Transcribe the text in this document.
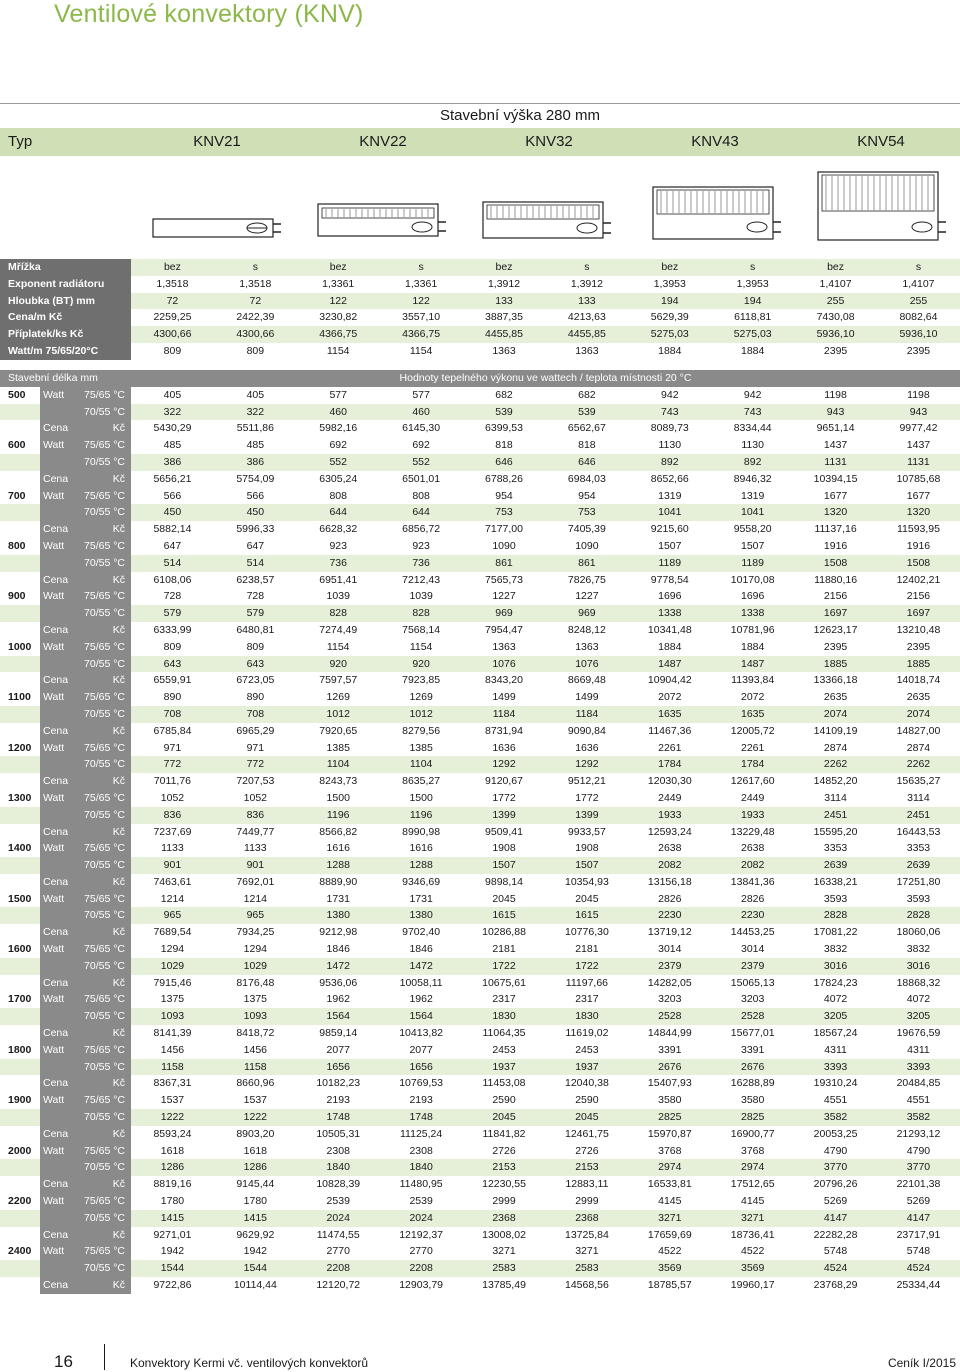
Ventilové konvektory (KNV)
Stavební výška 280 mm
Typ	KNV21	KNV22	KNV32	KNV43	KNV54
Mřížka	bez	s	bez	s	bez	s	bez	s	bez	s
Exponent radiátoru	1,3518	1,3518	1,3361	1,3361	1,3912	1,3912	1,3953	1,3953	1,4107	1,4107
Hloubka (BT) mm	72	72	122	122	133	133	194	194	255	255
Cena/m Kč	2259,25	2422,39	3230,82	3557,10	3887,35	4213,63	5629,39	6118,81	7430,08	8082,64
Příplatek/ks Kč	4300,66	4300,66	4366,75	4366,75	4455,85	4455,85	5275,03	5275,03	5936,10	5936,10
Watt/m 75/65/20°C	809	809	1154	1154	1363	1363	1884	1884	2395	2395
Stavební délka mm	Hodnoty tepelného výkonu ve wattech / teplota místnosti 20 °C
500	Watt	75/65 °C	405	405	577	577	682	682	942	942	1198	1198
70/55 °C	322	322	460	460	539	539	743	743	943	943
Cena	Kč	5430,29	5511,86	5982,16	6145,30	6399,53	6562,67	8089,73	8334,44	9651,14	9977,42
600	Watt	75/65 °C	485	485	692	692	818	818	1130	1130	1437	1437
70/55 °C	386	386	552	552	646	646	892	892	1131	1131
Cena	Kč	5656,21	5754,09	6305,24	6501,01	6788,26	6984,03	8652,66	8946,32	10394,15	10785,68
700	Watt	75/65 °C	566	566	808	808	954	954	1319	1319	1677	1677
70/55 °C	450	450	644	644	753	753	1041	1041	1320	1320
Cena	Kč	5882,14	5996,33	6628,32	6856,72	7177,00	7405,39	9215,60	9558,20	11137,16	11593,95
800	Watt	75/65 °C	647	647	923	923	1090	1090	1507	1507	1916	1916
70/55 °C	514	514	736	736	861	861	1189	1189	1508	1508
Cena	Kč	6108,06	6238,57	6951,41	7212,43	7565,73	7826,75	9778,54	10170,08	11880,16	12402,21
900	Watt	75/65 °C	728	728	1039	1039	1227	1227	1696	1696	2156	2156
70/55 °C	579	579	828	828	969	969	1338	1338	1697	1697
Cena	Kč	6333,99	6480,81	7274,49	7568,14	7954,47	8248,12	10341,48	10781,96	12623,17	13210,48
1000	Watt	75/65 °C	809	809	1154	1154	1363	1363	1884	1884	2395	2395
70/55 °C	643	643	920	920	1076	1076	1487	1487	1885	1885
Cena	Kč	6559,91	6723,05	7597,57	7923,85	8343,20	8669,48	10904,42	11393,84	13366,18	14018,74
1100	Watt	75/65 °C	890	890	1269	1269	1499	1499	2072	2072	2635	2635
70/55 °C	708	708	1012	1012	1184	1184	1635	1635	2074	2074
Cena	Kč	6785,84	6965,29	7920,65	8279,56	8731,94	9090,84	11467,36	12005,72	14109,19	14827,00
1200	Watt	75/65 °C	971	971	1385	1385	1636	1636	2261	2261	2874	2874
70/55 °C	772	772	1104	1104	1292	1292	1784	1784	2262	2262
Cena	Kč	7011,76	7207,53	8243,73	8635,27	9120,67	9512,21	12030,30	12617,60	14852,20	15635,27
1300	Watt	75/65 °C	1052	1052	1500	1500	1772	1772	2449	2449	3114	3114
70/55 °C	836	836	1196	1196	1399	1399	1933	1933	2451	2451
Cena	Kč	7237,69	7449,77	8566,82	8990,98	9509,41	9933,57	12593,24	13229,48	15595,20	16443,53
1400	Watt	75/65 °C	1133	1133	1616	1616	1908	1908	2638	2638	3353	3353
70/55 °C	901	901	1288	1288	1507	1507	2082	2082	2639	2639
Cena	Kč	7463,61	7692,01	8889,90	9346,69	9898,14	10354,93	13156,18	13841,36	16338,21	17251,80
1500	Watt	75/65 °C	1214	1214	1731	1731	2045	2045	2826	2826	3593	3593
70/55 °C	965	965	1380	1380	1615	1615	2230	2230	2828	2828
Cena	Kč	7689,54	7934,25	9212,98	9702,40	10286,88	10776,30	13719,12	14453,25	17081,22	18060,06
1600	Watt	75/65 °C	1294	1294	1846	1846	2181	2181	3014	3014	3832	3832
70/55 °C	1029	1029	1472	1472	1722	1722	2379	2379	3016	3016
Cena	Kč	7915,46	8176,48	9536,06	10058,11	10675,61	11197,66	14282,05	15065,13	17824,23	18868,32
1700	Watt	75/65 °C	1375	1375	1962	1962	2317	2317	3203	3203	4072	4072
70/55 °C	1093	1093	1564	1564	1830	1830	2528	2528	3205	3205
Cena	Kč	8141,39	8418,72	9859,14	10413,82	11064,35	11619,02	14844,99	15677,01	18567,24	19676,59
1800	Watt	75/65 °C	1456	1456	2077	2077	2453	2453	3391	3391	4311	4311
70/55 °C	1158	1158	1656	1656	1937	1937	2676	2676	3393	3393
Cena	Kč	8367,31	8660,96	10182,23	10769,53	11453,08	12040,38	15407,93	16288,89	19310,24	20484,85
1900	Watt	75/65 °C	1537	1537	2193	2193	2590	2590	3580	3580	4551	4551
70/55 °C	1222	1222	1748	1748	2045	2045	2825	2825	3582	3582
Cena	Kč	8593,24	8903,20	10505,31	11125,24	11841,82	12461,75	15970,87	16900,77	20053,25	21293,12
2000	Watt	75/65 °C	1618	1618	2308	2308	2726	2726	3768	3768	4790	4790
70/55 °C	1286	1286	1840	1840	2153	2153	2974	2974	3770	3770
Cena	Kč	8819,16	9145,44	10828,39	11480,95	12230,55	12883,11	16533,81	17512,65	20796,26	22101,38
2200	Watt	75/65 °C	1780	1780	2539	2539	2999	2999	4145	4145	5269	5269
70/55 °C	1415	1415	2024	2024	2368	2368	3271	3271	4147	4147
Cena	Kč	9271,01	9629,92	11474,55	12192,37	13008,02	13725,84	17659,69	18736,41	22282,28	23717,91
2400	Watt	75/65 °C	1942	1942	2770	2770	3271	3271	4522	4522	5748	5748
70/55 °C	1544	1544	2208	2208	2583	2583	3569	3569	4524	4524
Cena	Kč	9722,86	10114,44	12120,72	12903,79	13785,49	14568,56	18785,57	19960,17	23768,29	25334,44
16	Konvektory Kermi vč. ventilových konvektorů	Ceník I/2015
